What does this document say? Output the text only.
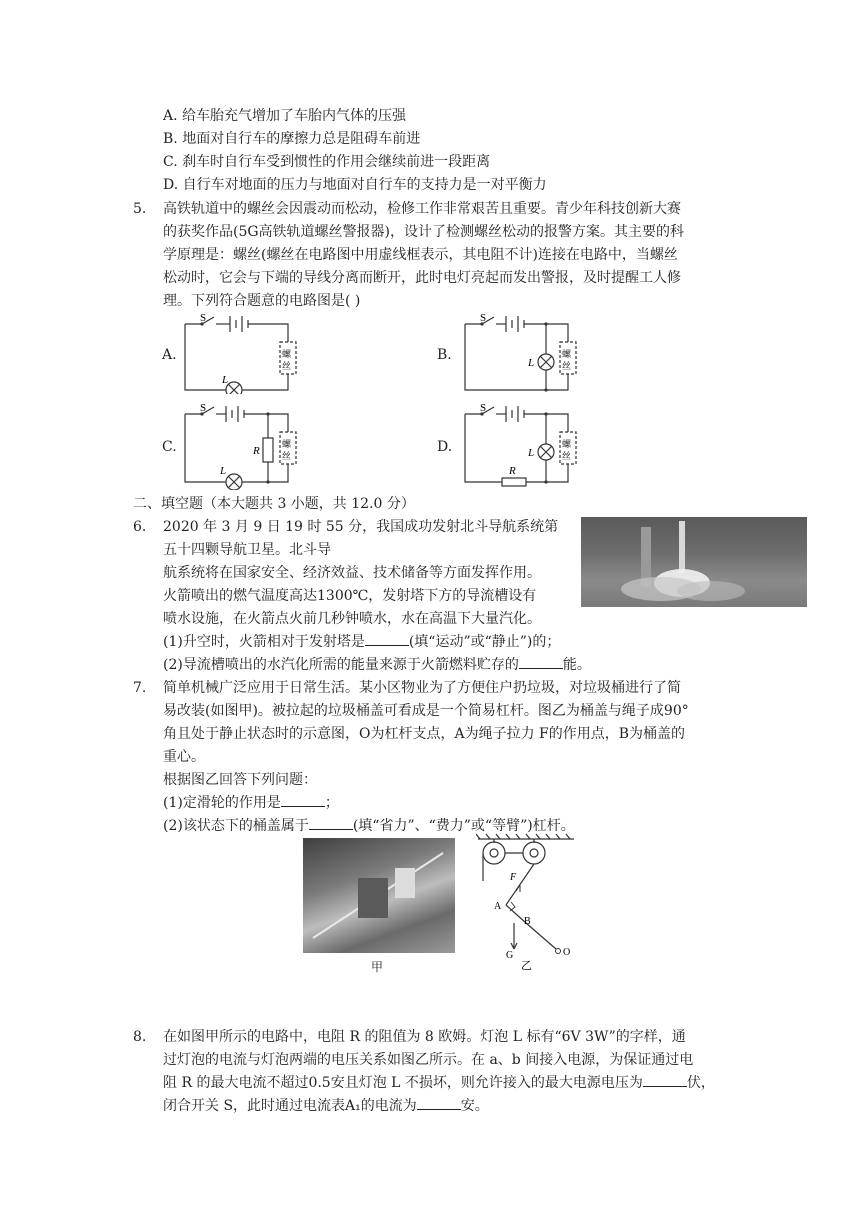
A. 给车胎充气增加了车胎内气体的压强
B. 地面对自行车的摩擦力总是阻碍车前进
C. 刹车时自行车受到惯性的作用会继续前进一段距离
D. 自行车对地面的压力与地面对自行车的支持力是一对平衡力
5. 高铁轨道中的螺丝会因震动而松动，检修工作非常艰苦且重要。青少年科技创新大赛
的获奖作品(5G高铁轨道螺丝警报器)，设计了检测螺丝松动的报警方案。其主要的科
学原理是：螺丝(螺丝在电路图中用虚线框表示，其电阻不计)连接在电路中，当螺丝
松动时，它会与下端的导线分离而断开，此时电灯亮起而发出警报，及时提醒工人修
理。下列符合题意的电路图是( )
A.	B.
C.	D.
S
L
螺
丝
S
L
螺
丝
S
R
L
螺
丝
S
L
R
螺
丝
二、填空题（本大题共 3 小题，共 12.0 分）
6. 2020 年 3 月 9 日 19 时 55 分，我国成功发射北斗导航系统第
五十四颗导航卫星。北斗导
航系统将在国家安全、经济效益、技术储备等方面发挥作用。
火箭喷出的燃气温度高达1300℃，发射塔下方的导流槽设有
喷水设施，在火箭点火前几秒钟喷水，水在高温下大量汽化。
(1)升空时，火箭相对于发射塔是	(填“运动”或“静止”)的；
(2)导流槽喷出的水汽化所需的能量来源于火箭燃料贮存的	能。
7. 简单机械广泛应用于日常生活。某小区物业为了方便住户扔垃圾，对垃圾桶进行了简
易改装(如图甲)。被拉起的垃圾桶盖可看成是一个简易杠杆。图乙为桶盖与绳子成90°
角且处于静止状态时的示意图，O为杠杆支点，A为绳子拉力 F的作用点，B为桶盖的
重心。
根据图乙回答下列问题：
(1)定滑轮的作用是	；
(2)该状态下的桶盖属于	(填“省力”、“费力”或“等臂”)杠杆。
甲
F
A
B
G	O
乙
8. 在如图甲所示的电路中，电阻 R 的阻值为 8 欧姆。灯泡 L 标有“6V 3W”的字样，通
过灯泡的电流与灯泡两端的电压关系如图乙所示。在 a、b 间接入电源，为保证通过电
阻 R 的最大电流不超过0.5安且灯泡 L 不损坏，则允许接入的最大电源电压为	伏，
闭合开关 S，此时通过电流表A₁的电流为	安。
